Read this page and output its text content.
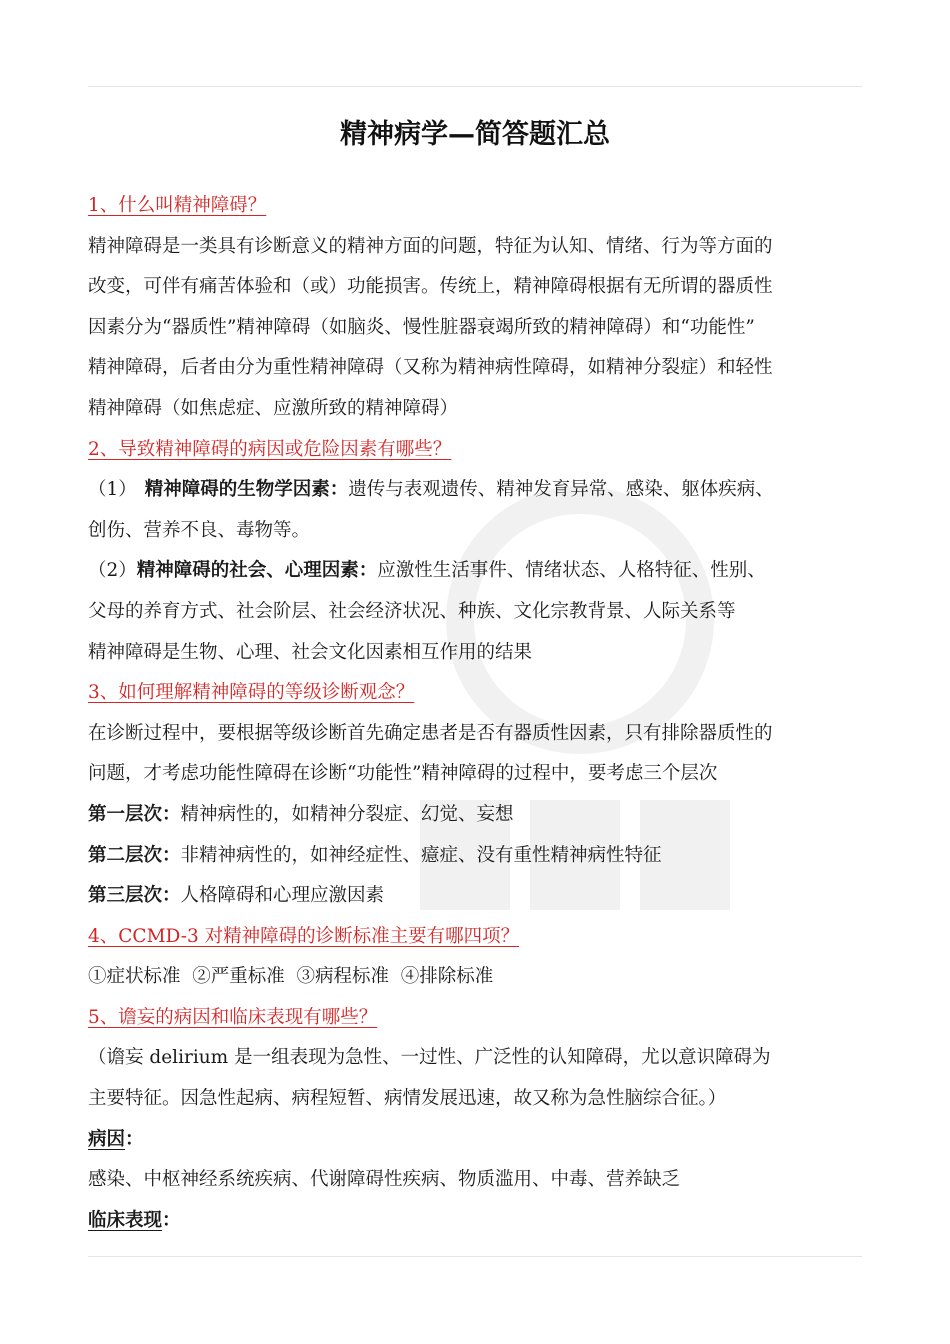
精神病学—简答题汇总
1、什么叫精神障碍？
精神障碍是一类具有诊断意义的精神方面的问题，特征为认知、情绪、行为等方面的
改变，可伴有痛苦体验和（或）功能损害。传统上，精神障碍根据有无所谓的器质性
因素分为“器质性”精神障碍（如脑炎、慢性脏器衰竭所致的精神障碍）和“功能性”
精神障碍，后者由分为重性精神障碍（又称为精神病性障碍，如精神分裂症）和轻性
精神障碍（如焦虑症、应激所致的精神障碍）
2、导致精神障碍的病因或危险因素有哪些？
（1） 精神障碍的生物学因素：遗传与表观遗传、精神发育异常、感染、躯体疾病、
创伤、营养不良、毒物等。
（2）精神障碍的社会、心理因素：应激性生活事件、情绪状态、人格特征、性别、
父母的养育方式、社会阶层、社会经济状况、种族、文化宗教背景、人际关系等
精神障碍是生物、心理、社会文化因素相互作用的结果
3、如何理解精神障碍的等级诊断观念？
在诊断过程中，要根据等级诊断首先确定患者是否有器质性因素，只有排除器质性的
问题，才考虑功能性障碍在诊断“功能性”精神障碍的过程中，要考虑三个层次
第一层次：精神病性的，如精神分裂症、幻觉、妄想
第二层次：非精神病性的，如神经症性、癔症、没有重性精神病性特征
第三层次：人格障碍和心理应激因素
4、CCMD-3 对精神障碍的诊断标准主要有哪四项？
①症状标准  ②严重标准  ③病程标准  ④排除标准
5、谵妄的病因和临床表现有哪些？
（谵妄 delirium 是一组表现为急性、一过性、广泛性的认知障碍，尤以意识障碍为
主要特征。因急性起病、病程短暂、病情发展迅速，故又称为急性脑综合征。）
病因：
感染、中枢神经系统疾病、代谢障碍性疾病、物质滥用、中毒、营养缺乏
临床表现：
